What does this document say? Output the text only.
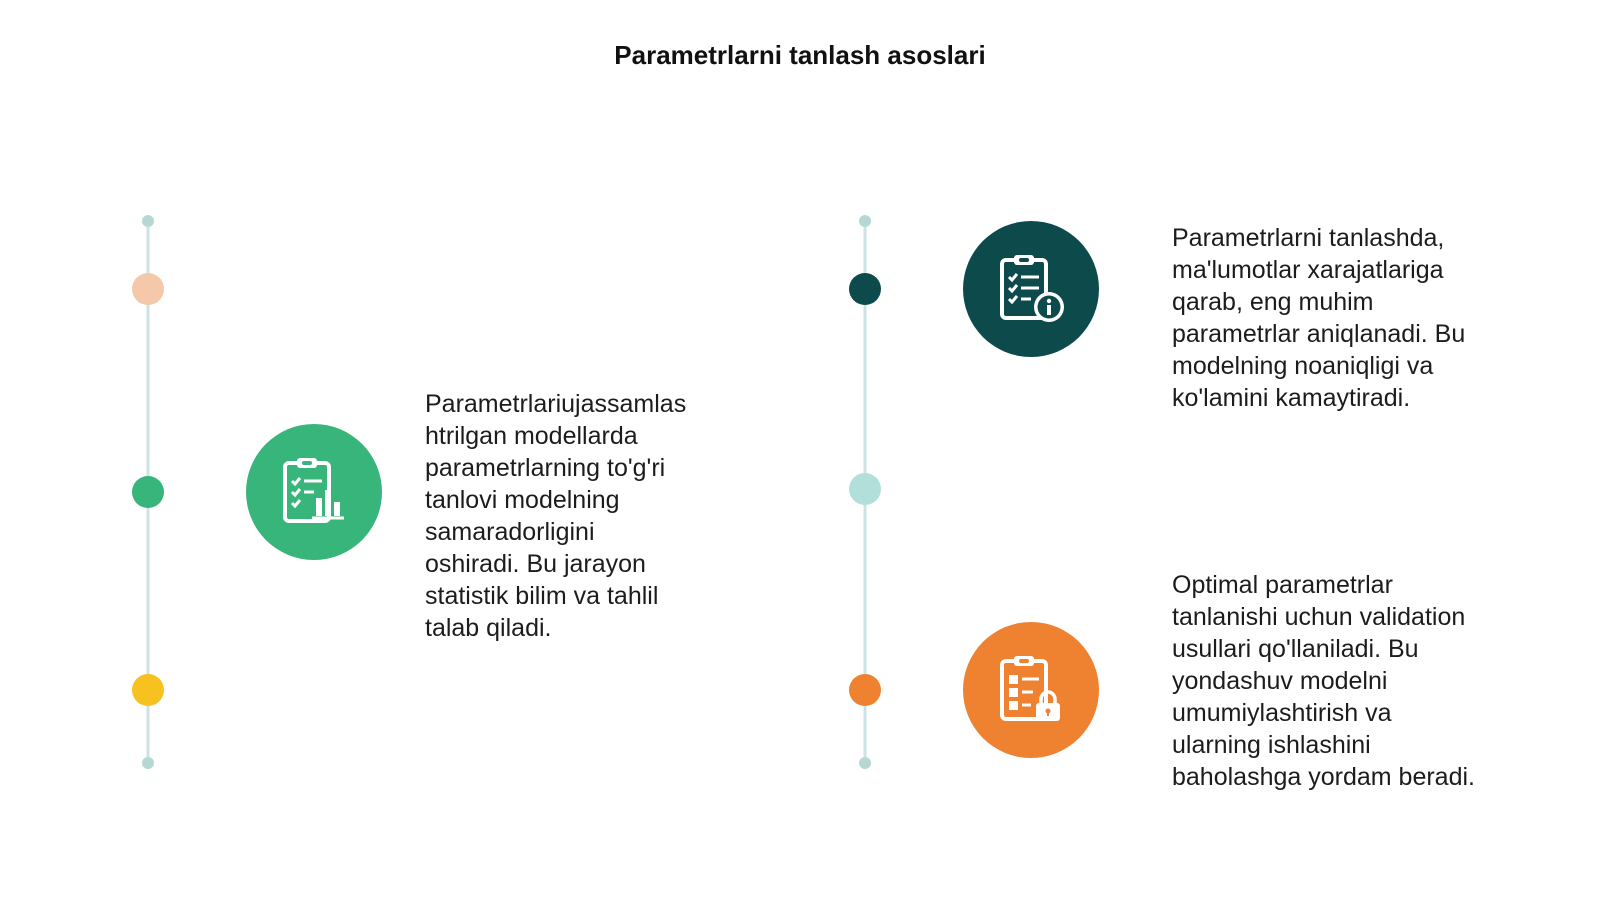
Parametrlarni tanlash asoslari

Parametrlariujassamlas
htrilgan modellarda
parametrlarning to'g'ri
tanlovi modelning
samaradorligini
oshiradi. Bu jarayon
statistik bilim va tahlil
talab qiladi.

Parametrlarni tanlashda,
ma'lumotlar xarajatlariga
qarab, eng muhim
parametrlar aniqlanadi. Bu
modelning noaniqligi va
ko'lamini kamaytiradi.

Optimal parametrlar
tanlanishi uchun validation
usullari qo'llaniladi. Bu
yondashuv modelni
umumiylashtirish va
ularning ishlashini
baholashga yordam beradi.
